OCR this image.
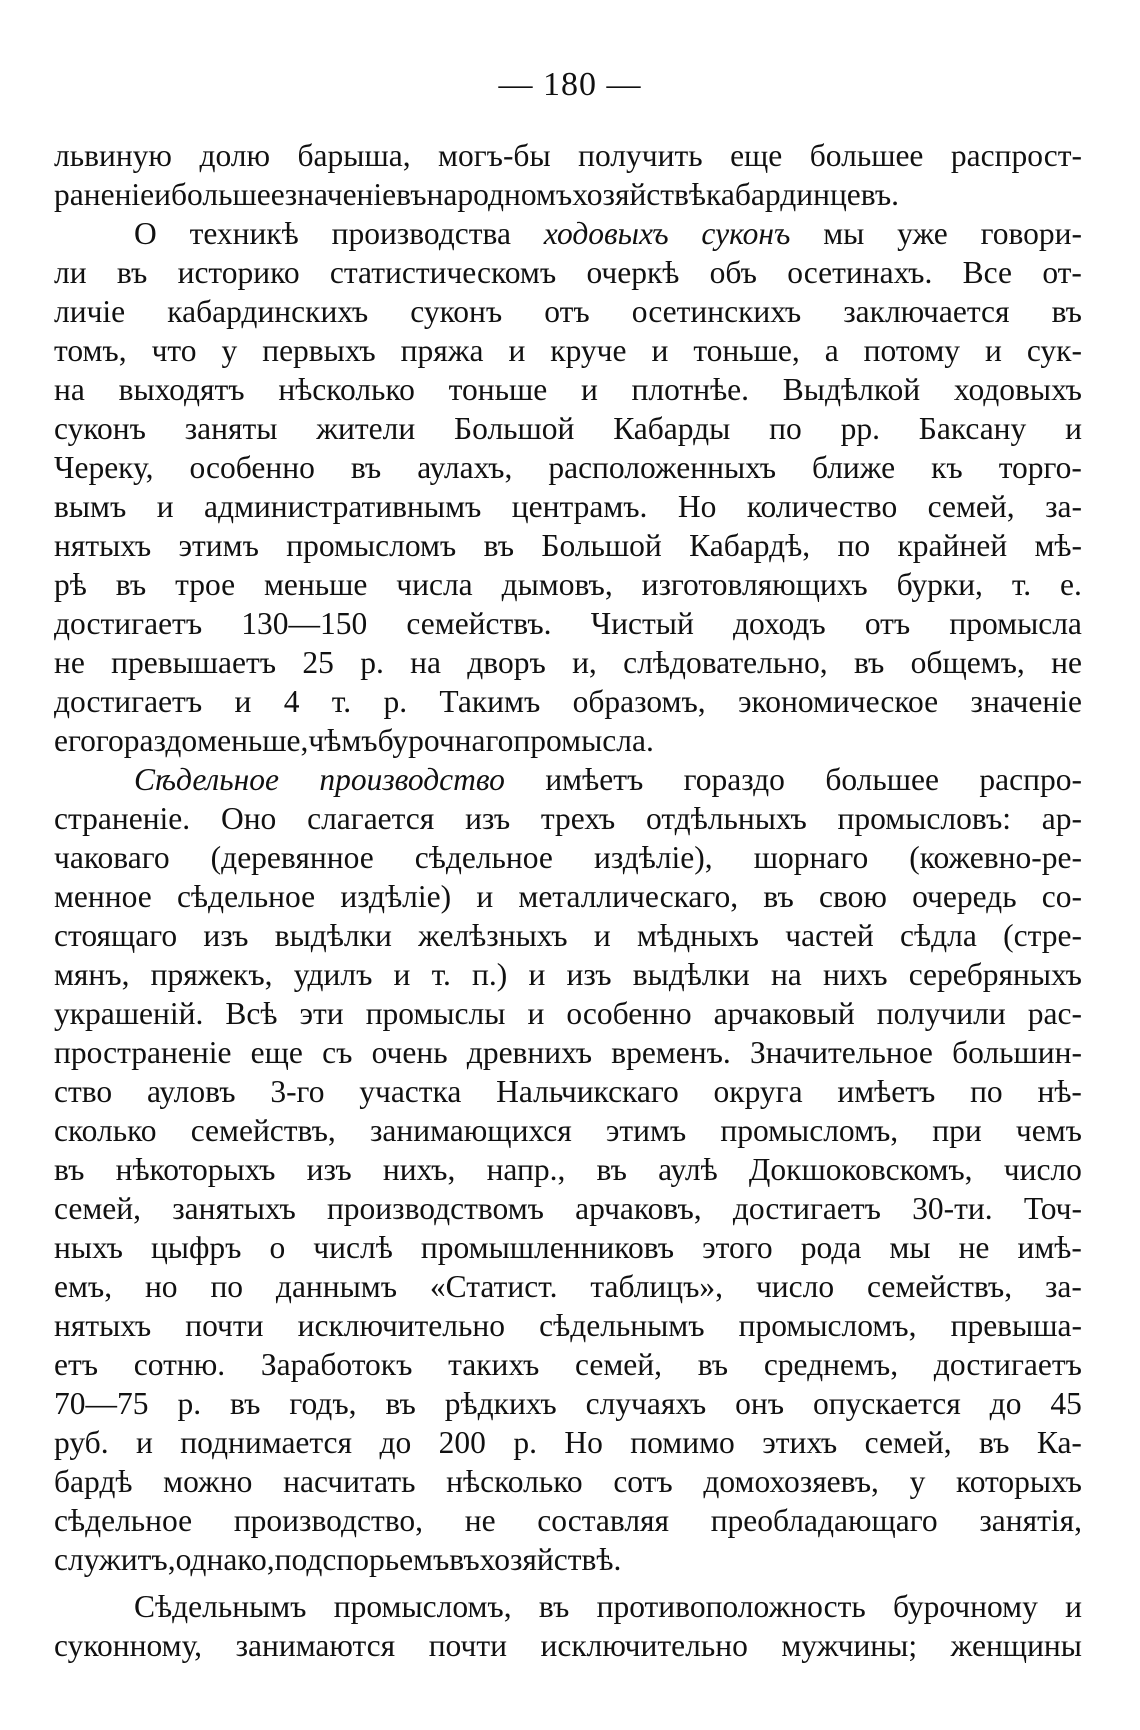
— 180 —
львиную долю барыша, могъ-бы получить еще большее распрост-
раненіе и большее значеніе въ народномъ хозяйствѣ кабардинцевъ.
О техникѣ производства ходовыхъ суконъ мы уже говори-
ли въ историко статистическомъ очеркѣ объ осетинахъ. Все от-
личіе кабардинскихъ суконъ отъ осетинскихъ заключается въ
томъ, что у первыхъ пряжа и круче и тоньше, а потому и сук-
на выходятъ нѣсколько тоньше и плотнѣе. Выдѣлкой ходовыхъ
суконъ заняты жители Большой Кабарды по рр. Баксану и
Череку, особенно въ аулахъ, расположенныхъ ближе къ торго-
вымъ и административнымъ центрамъ. Но количество семей, за-
нятыхъ этимъ промысломъ въ Большой Кабардѣ, по крайней мѣ-
рѣ въ трое меньше числа дымовъ, изготовляющихъ бурки, т. е.
достигаетъ 130—150 семействъ. Чистый доходъ отъ промысла
не превышаетъ 25 р. на дворъ и, слѣдовательно, въ общемъ, не
достигаетъ и 4 т. р. Такимъ образомъ, экономическое значеніе
его гораздо меньше, чѣмъ бурочнаго промысла.
Сѣдельное производство имѣетъ гораздо большее распро-
страненіе. Оно слагается изъ трехъ отдѣльныхъ промысловъ: ар-
чаковаго (деревянное сѣдельное издѣліе), шорнаго (кожевно-ре-
менное сѣдельное издѣліе) и металлическаго, въ свою очередь со-
стоящаго изъ выдѣлки желѣзныхъ и мѣдныхъ частей сѣдла (стре-
мянъ, пряжекъ, удилъ и т. п.) и изъ выдѣлки на нихъ серебряныхъ
украшеній. Всѣ эти промыслы и особенно арчаковый получили рас-
пространеніе еще съ очень древнихъ временъ. Значительное большин-
ство ауловъ 3-го участка Нальчикскаго округа имѣетъ по нѣ-
сколько семействъ, занимающихся этимъ промысломъ, при чемъ
въ нѣкоторыхъ изъ нихъ, напр., въ аулѣ Докшоковскомъ, число
семей, занятыхъ производствомъ арчаковъ, достигаетъ 30-ти. Точ-
ныхъ цыфръ о числѣ промышленниковъ этого рода мы не имѣ-
емъ, но по даннымъ «Статист. таблицъ», число семействъ, за-
нятыхъ почти исключительно сѣдельнымъ промысломъ, превыша-
етъ сотню. Заработокъ такихъ семей, въ среднемъ, достигаетъ
70—75 р. въ годъ, въ рѣдкихъ случаяхъ онъ опускается до 45
руб. и поднимается до 200 р. Но помимо этихъ семей, въ Ка-
бардѣ можно насчитать нѣсколько сотъ домохозяевъ, у которыхъ
сѣдельное производство, не составляя преобладающаго занятія,
служитъ, однако, подспорьемъ въ хозяйствѣ.
Сѣдельнымъ промысломъ, въ противоположность бурочному и
суконному, занимаются почти исключительно мужчины; женщины
